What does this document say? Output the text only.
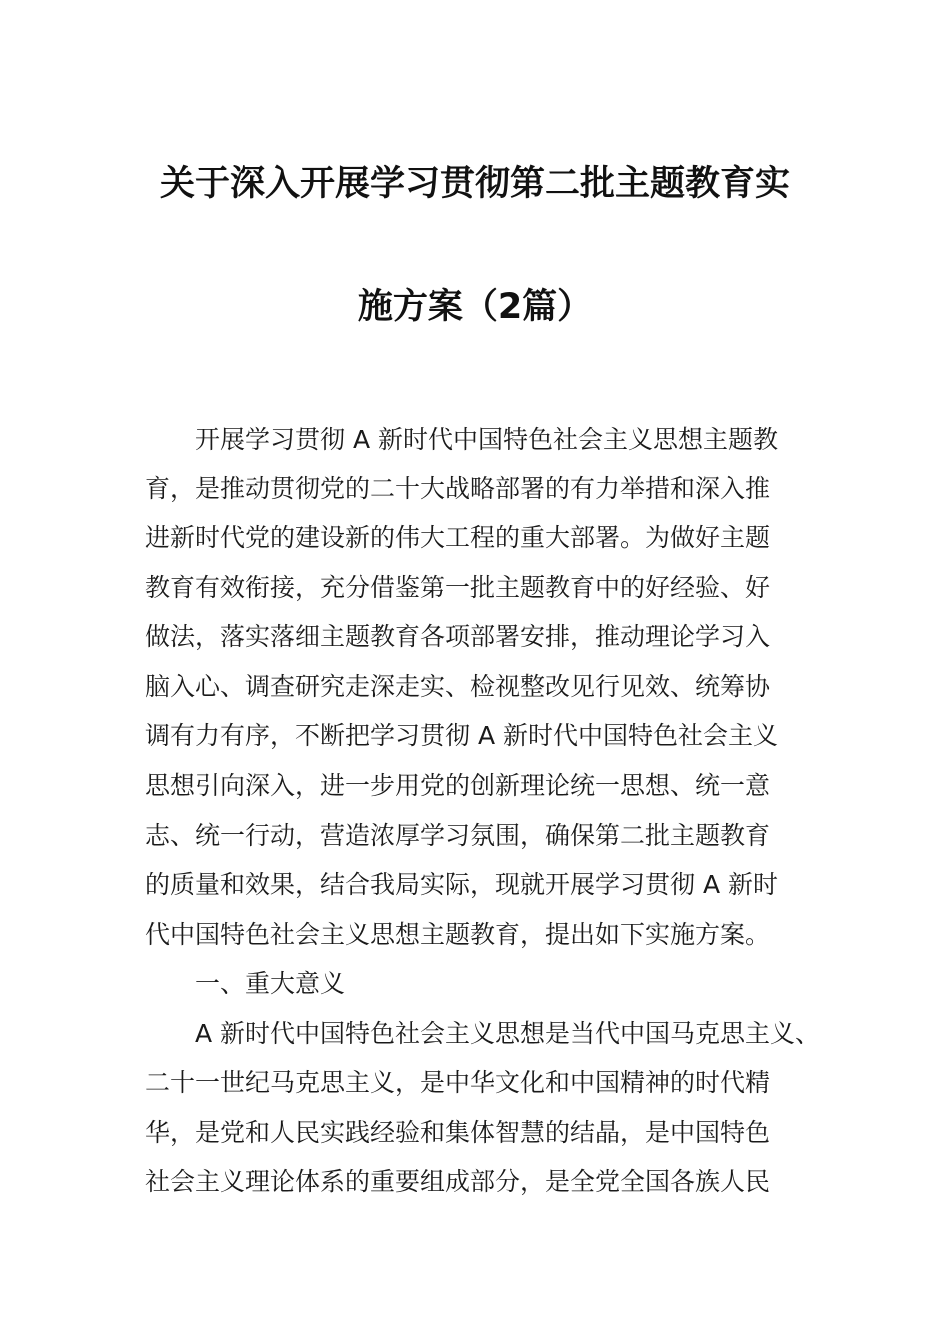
关于深入开展学习贯彻第二批主题教育实
施方案（2篇）
开展学习贯彻 A 新时代中国特色社会主义思想主题教
育，是推动贯彻党的二十大战略部署的有力举措和深入推
进新时代党的建设新的伟大工程的重大部署。为做好主题
教育有效衔接，充分借鉴第一批主题教育中的好经验、好
做法，落实落细主题教育各项部署安排，推动理论学习入
脑入心、调查研究走深走实、检视整改见行见效、统筹协
调有力有序，不断把学习贯彻 A 新时代中国特色社会主义
思想引向深入，进一步用党的创新理论统一思想、统一意
志、统一行动，营造浓厚学习氛围，确保第二批主题教育
的质量和效果，结合我局实际，现就开展学习贯彻 A 新时
代中国特色社会主义思想主题教育，提出如下实施方案。
一、重大意义
A 新时代中国特色社会主义思想是当代中国马克思主义、
二十一世纪马克思主义，是中华文化和中国精神的时代精
华，是党和人民实践经验和集体智慧的结晶，是中国特色
社会主义理论体系的重要组成部分，是全党全国各族人民
